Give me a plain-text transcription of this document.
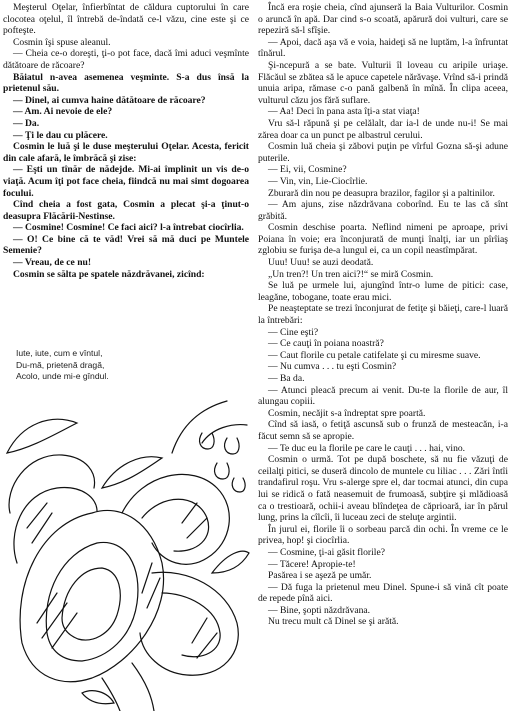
Meşterul Oţelar, înfierbîntat de căldura cuptorului în care clocotea oţelul, îl întrebă de-îndată ce-l văzu, cine este şi ce pofteşte.

Cosmin îşi spuse aleanul.

— Cheia ce-o doreşti, ţi-o pot face, dacă îmi aduci veşmînte dătătoare de răcoare?

Băiatul n-avea asemenea veşminte. S-a dus însă la prietenul său.

— Dinel, ai cumva haine dătătoare de răcoare?

— Am. Ai nevoie de ele?

— Da.

— Ţi le dau cu plăcere.

Cosmin le luă şi le duse meşterului Oţelar. Acesta, fericit din cale afară, le îmbrăcă şi zise:

— Eşti un tînăr de nădejde. Mi-ai împlinit un vis de-o viaţă. Acum îţi pot face cheia, fiindcă nu mai simt dogoarea focului.

Cînd cheia a fost gata, Cosmin a plecat şi-a ţinut-o deasupra Flăcării-Nestinse.

— Cosmine! Cosmine! Ce faci aici? l-a întrebat ciocîrlia.

— O! Ce bine că te văd! Vrei să mă duci pe Muntele Semenie?

— Vreau, de ce nu!

Cosmin se sălta pe spatele năzdrăvanei, zicînd:

Iute, iute, cum e vîntul,
Du-mă, prietenă dragă,
Acolo, unde mi-e gîndul.

Încă era roşie cheia, cînd ajunseră la Baia Vulturilor. Cosmin o aruncă în apă. Dar cind s-o scoată, apărură doi vulturi, care se repeziră să-l sfîşie.

— Apoi, dacă aşa vă e voia, haideţi să ne luptăm, l-a înfruntat tînărul.

Şi-ncepură a se bate. Vulturii îl loveau cu aripile uriaşe. Flăcăul se zbătea să le apuce capetele nărăvaşe. Vrînd să-i prindă unuia aripa, rămase c-o pană galbenă în mînă. În clipa aceea, vulturul căzu jos fără suflare.

— Aa! Deci în pana asta îţi-a stat viaţa!

Vru să-l răpună şi pe celălalt, dar ia-l de unde nu-i! Se mai zărea doar ca un punct pe albastrul cerului.

Cosmin luă cheia şi zăbovi puţin pe vîrful Gozna să-şi adune puterile.

— Ei, vii, Cosmine?

— Vin, vin, Lie-Ciocîrlie.

Zburară din nou pe deasupra brazilor, fagilor şi a paltinilor.

— Am ajuns, zise năzdrăvana coborînd. Eu te las că sînt grăbită.

Cosmin deschise poarta. Neflind nimeni pe aproape, privi Poiana în voie; era înconjurată de munţi înalţi, iar un pîrîiaş zglobiu se furişa de-a lungul ei, ca un copil neastîmpărat.

Uuu! Uuu! se auzi deodată.

„Un tren?! Un tren aici?!“ se miră Cosmin.

Se luă pe urmele lui, ajungînd într-o lume de pitici: case, leagăne, tobogane, toate erau mici.

Pe neaşteptate se trezi înconjurat de fetiţe şi băieţi, care-l luară la întrebări:

— Cine eşti?

— Ce cauţi în poiana noastră?

— Caut florile cu petale catifelate şi cu miresme suave.

— Nu cumva . . . tu eşti Cosmin?

— Ba da.

— Atunci pleacă precum ai venit. Du-te la florile de aur, îl alungau copiii.

Cosmin, necăjit s-a îndreptat spre poartă.

Cînd să iasă, o fetiţă ascunsă sub o frunză de mesteacăn, i-a făcut semn să se apropie.

— Te duc eu la florile pe care le cauţi . . . hai, vino.

Cosmin o urmă. Tot pe după boschete, să nu fie văzuţi de ceilalţi pitici, se duseră dincolo de muntele cu liliac . . . Zări întîi trandafirul roşu. Vru s-alerge spre el, dar tocmai atunci, din cupa lui se ridică o fată neasemuit de frumoasă, subţire şi mlădioasă ca o trestioară, ochii-i aveau blîndeţea de căprioară, iar în părul lung, prins la cîlcîi, îi luceau zeci de steluţe argintii.

În jurul ei, florile îi o sorbeau parcă din ochi. În vreme ce le privea, hop! şi ciocîrlia.

— Cosmine, ţi-ai găsit florile?

— Tăcere! Apropie-te!

Pasărea i se aşeză pe umăr.

— Dă fuga la prietenul meu Dinel. Spune-i să vină cît poate de repede pînă aici.

— Bine, şopti năzdrăvana.

Nu trecu mult că Dinel se şi arătă.
